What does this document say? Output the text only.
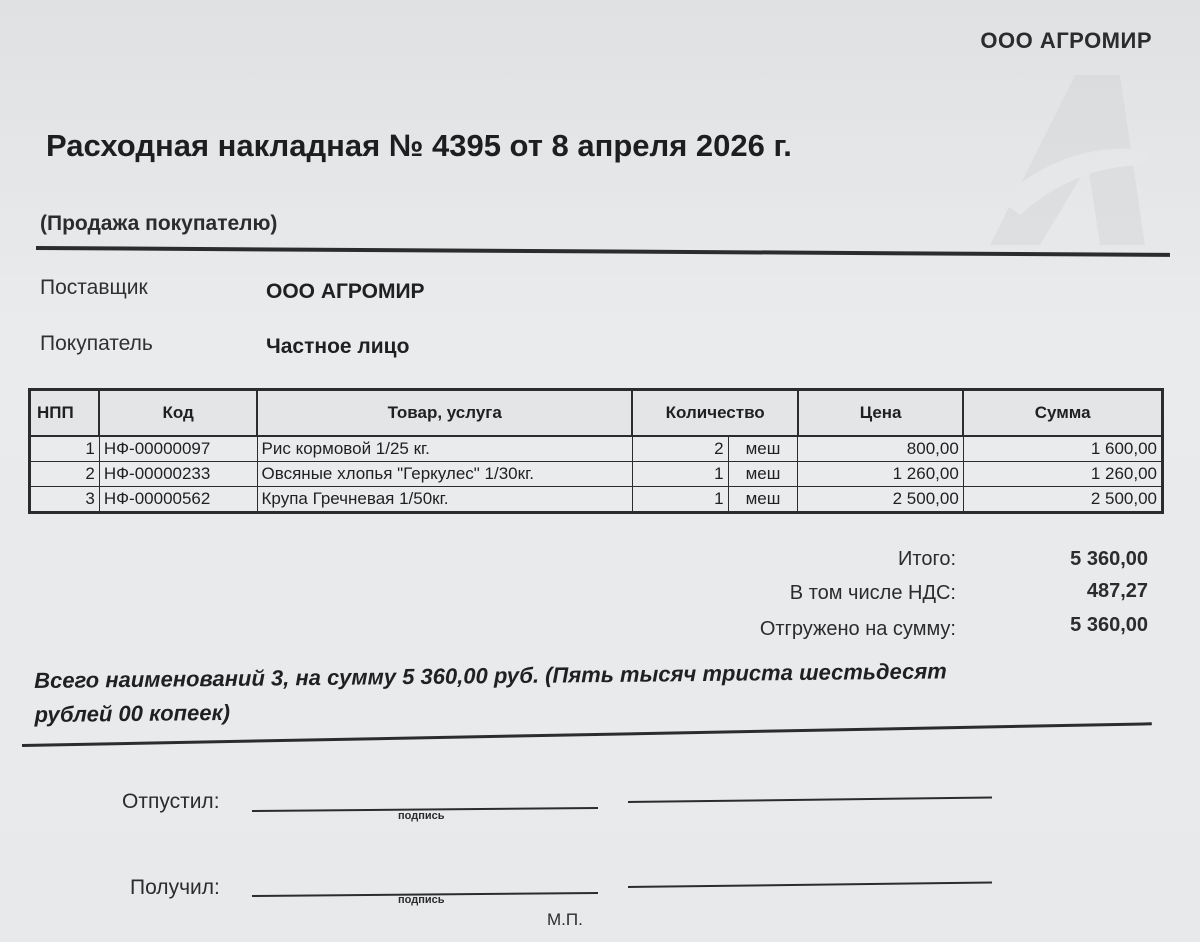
ООО АГРОМИР
Расходная накладная № 4395 от 8 апреля 2026 г.
(Продажа покупателю)
Поставщик	ООО АГРОМИР
Покупатель	Частное лицо
НПП	Код	Товар, услуга	Количество		Цена	Сумма
1	НФ-00000097	Рис кормовой 1/25 кг.	2	меш	800,00	1 600,00
2	НФ-00000233	Овсяные хлопья "Геркулес" 1/30кг.	1	меш	1 260,00	1 260,00
3	НФ-00000562	Крупа Гречневая 1/50кг.	1	меш	2 500,00	2 500,00
Итого:	5 360,00
В том числе НДС:	487,27
Отгружено на сумму:	5 360,00
Всего наименований 3, на сумму 5 360,00 руб. (Пять тысяч триста шестьдесят
рублей 00 копеек)
Отпустил:
подпись
Получил:
подпись
М.П.
